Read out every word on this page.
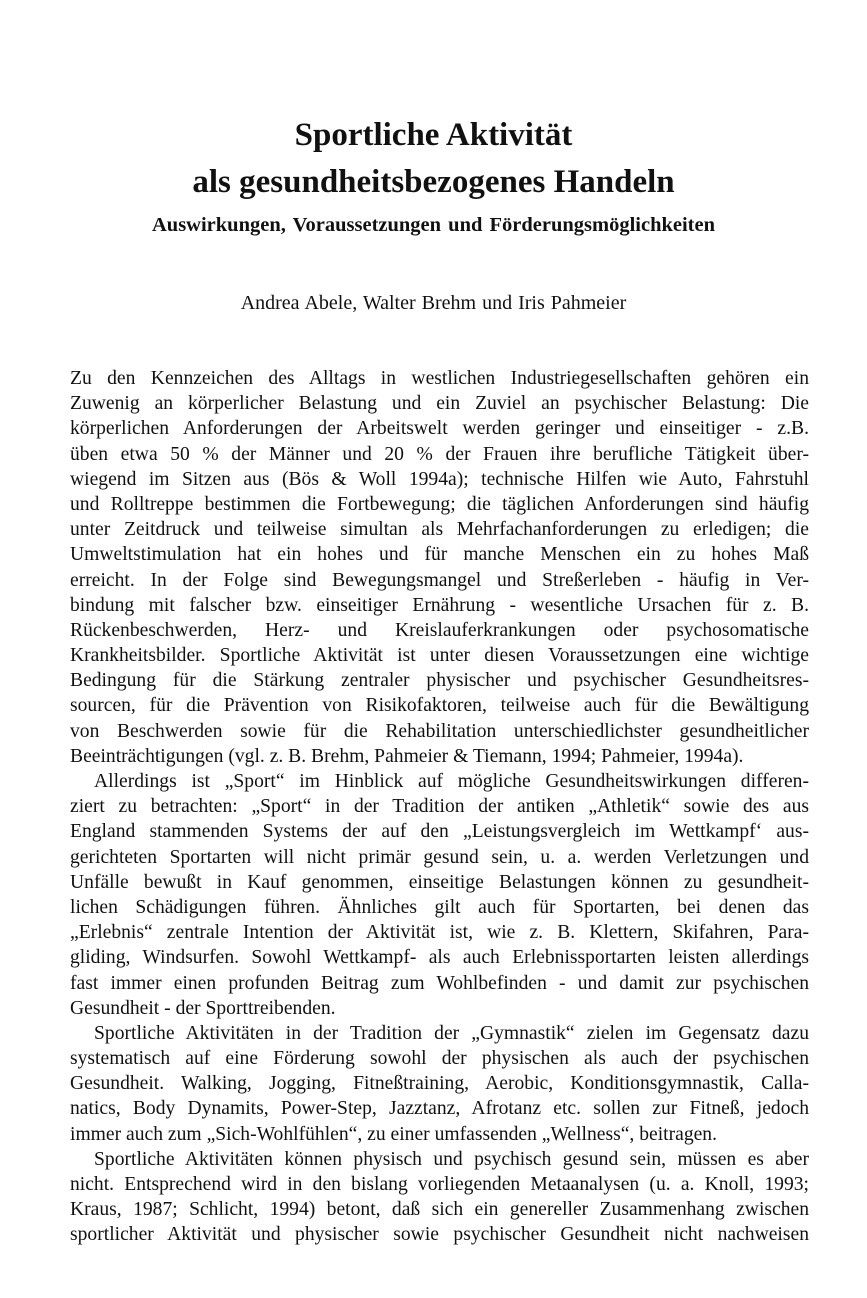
Sportliche Aktivität
als gesundheitsbezogenes Handeln
Auswirkungen, Voraussetzungen und Förderungsmöglichkeiten

Andrea Abele, Walter Brehm und Iris Pahmeier

Zu den Kennzeichen des Alltags in westlichen Industriegesellschaften gehören ein
Zuwenig an körperlicher Belastung und ein Zuviel an psychischer Belastung: Die
körperlichen Anforderungen der Arbeitswelt werden geringer und einseitiger - z.B.
üben etwa 50 % der Männer und 20 % der Frauen ihre berufliche Tätigkeit über-
wiegend im Sitzen aus (Bös & Woll 1994a); technische Hilfen wie Auto, Fahrstuhl
und Rolltreppe bestimmen die Fortbewegung; die täglichen Anforderungen sind häufig
unter Zeitdruck und teilweise simultan als Mehrfachanforderungen zu erledigen; die
Umweltstimulation hat ein hohes und für manche Menschen ein zu hohes Maß
erreicht. In der Folge sind Bewegungsmangel und Streßerleben - häufig in Ver-
bindung mit falscher bzw. einseitiger Ernährung - wesentliche Ursachen für z. B.
Rückenbeschwerden, Herz- und Kreislauferkrankungen oder psychosomatische
Krankheitsbilder. Sportliche Aktivität ist unter diesen Voraussetzungen eine wichtige
Bedingung für die Stärkung zentraler physischer und psychischer Gesundheitsres-
sourcen, für die Prävention von Risikofaktoren, teilweise auch für die Bewältigung
von Beschwerden sowie für die Rehabilitation unterschiedlichster gesundheitlicher
Beeinträchtigungen (vgl. z. B. Brehm, Pahmeier & Tiemann, 1994; Pahmeier, 1994a).
Allerdings ist „Sport“ im Hinblick auf mögliche Gesundheitswirkungen differen-
ziert zu betrachten: „Sport“ in der Tradition der antiken „Athletik“ sowie des aus
England stammenden Systems der auf den „Leistungsvergleich im Wettkampf‘ aus-
gerichteten Sportarten will nicht primär gesund sein, u. a. werden Verletzungen und
Unfälle bewußt in Kauf genommen, einseitige Belastungen können zu gesundheit-
lichen Schädigungen führen. Ähnliches gilt auch für Sportarten, bei denen das
„Erlebnis“ zentrale Intention der Aktivität ist, wie z. B. Klettern, Skifahren, Para-
gliding, Windsurfen. Sowohl Wettkampf- als auch Erlebnissportarten leisten allerdings
fast immer einen profunden Beitrag zum Wohlbefinden - und damit zur psychischen
Gesundheit - der Sporttreibenden.
Sportliche Aktivitäten in der Tradition der „Gymnastik“ zielen im Gegensatz dazu
systematisch auf eine Förderung sowohl der physischen als auch der psychischen
Gesundheit. Walking, Jogging, Fitneßtraining, Aerobic, Konditionsgymnastik, Calla-
natics, Body Dynamits, Power-Step, Jazztanz, Afrotanz etc. sollen zur Fitneß, jedoch
immer auch zum „Sich-Wohlfühlen“, zu einer umfassenden „Wellness“, beitragen.
Sportliche Aktivitäten können physisch und psychisch gesund sein, müssen es aber
nicht. Entsprechend wird in den bislang vorliegenden Metaanalysen (u. a. Knoll, 1993;
Kraus, 1987; Schlicht, 1994) betont, daß sich ein genereller Zusammenhang zwischen
sportlicher Aktivität und physischer sowie psychischer Gesundheit nicht nachweisen
